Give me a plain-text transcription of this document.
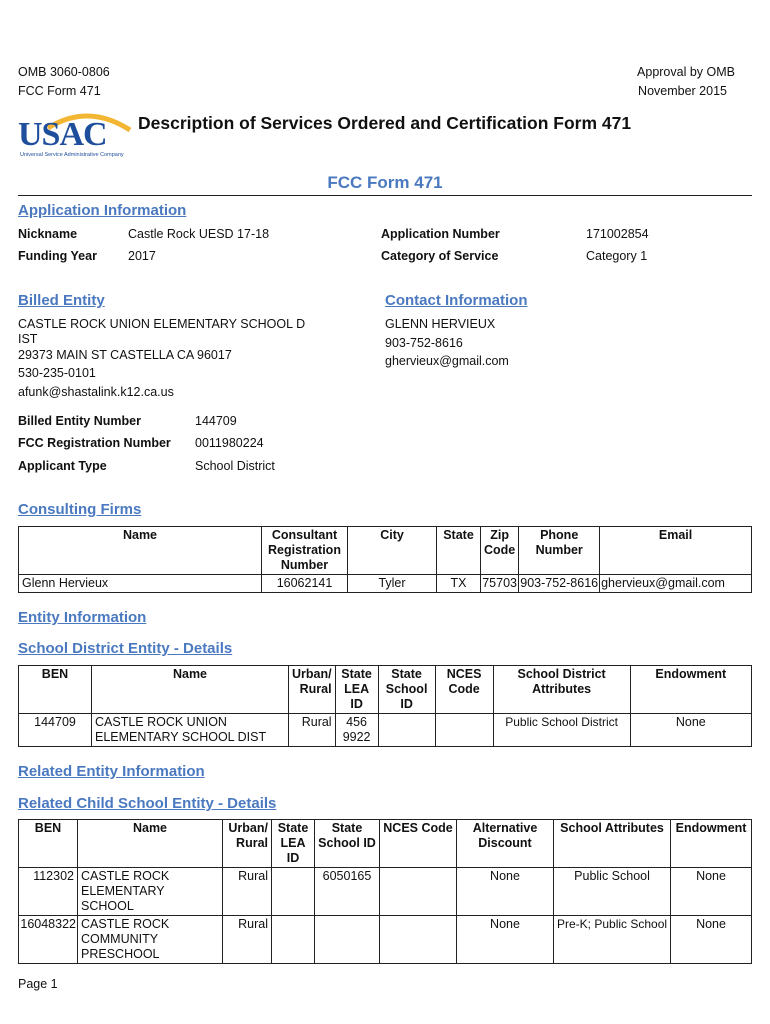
OMB 3060-0806
FCC Form 471
Approval by OMB
November 2015
USAC
Universal Service Administrative Company
Description of Services Ordered and Certification Form 471
FCC Form 471
Application Information
Nickname	Castle Rock UESD 17-18
Funding Year 2017
Application Number	171002854
Category of Service	Category 1
Billed Entity
CASTLE ROCK UNION ELEMENTARY SCHOOL D
IST
29373 MAIN ST CASTELLA CA 96017
530-235-0101
afunk@shastalink.k12.ca.us
Billed Entity Number	144709
FCC Registration Number 0011980224
Applicant Type	School District
Contact Information
GLENN HERVIEUX
903-752-8616
ghervieux@gmail.com
Consulting Firms
Name	Consultant Registration Number	City	State	Zip Code	Phone Number	Email
Glenn Hervieux	16062141	Tyler	TX	75703	903-752-8616	ghervieux@gmail.com
Entity Information
School District Entity - Details
BEN	Name	Urban/ Rural	State LEA ID	State School ID	NCES Code	School District Attributes	Endowment
144709	CASTLE ROCK UNION ELEMENTARY SCHOOL DIST	Rural	456 9922			Public School District	None
Related Entity Information
Related Child School Entity - Details
BEN	Name	Urban/ Rural	State LEA ID	State School ID	NCES Code	Alternative Discount	School Attributes	Endowment
112302	CASTLE ROCK ELEMENTARY SCHOOL	Rural		6050165		None	Public School	None
16048322	CASTLE ROCK COMMUNITY PRESCHOOL	Rural				None	Pre-K; Public School	None
Page 1
